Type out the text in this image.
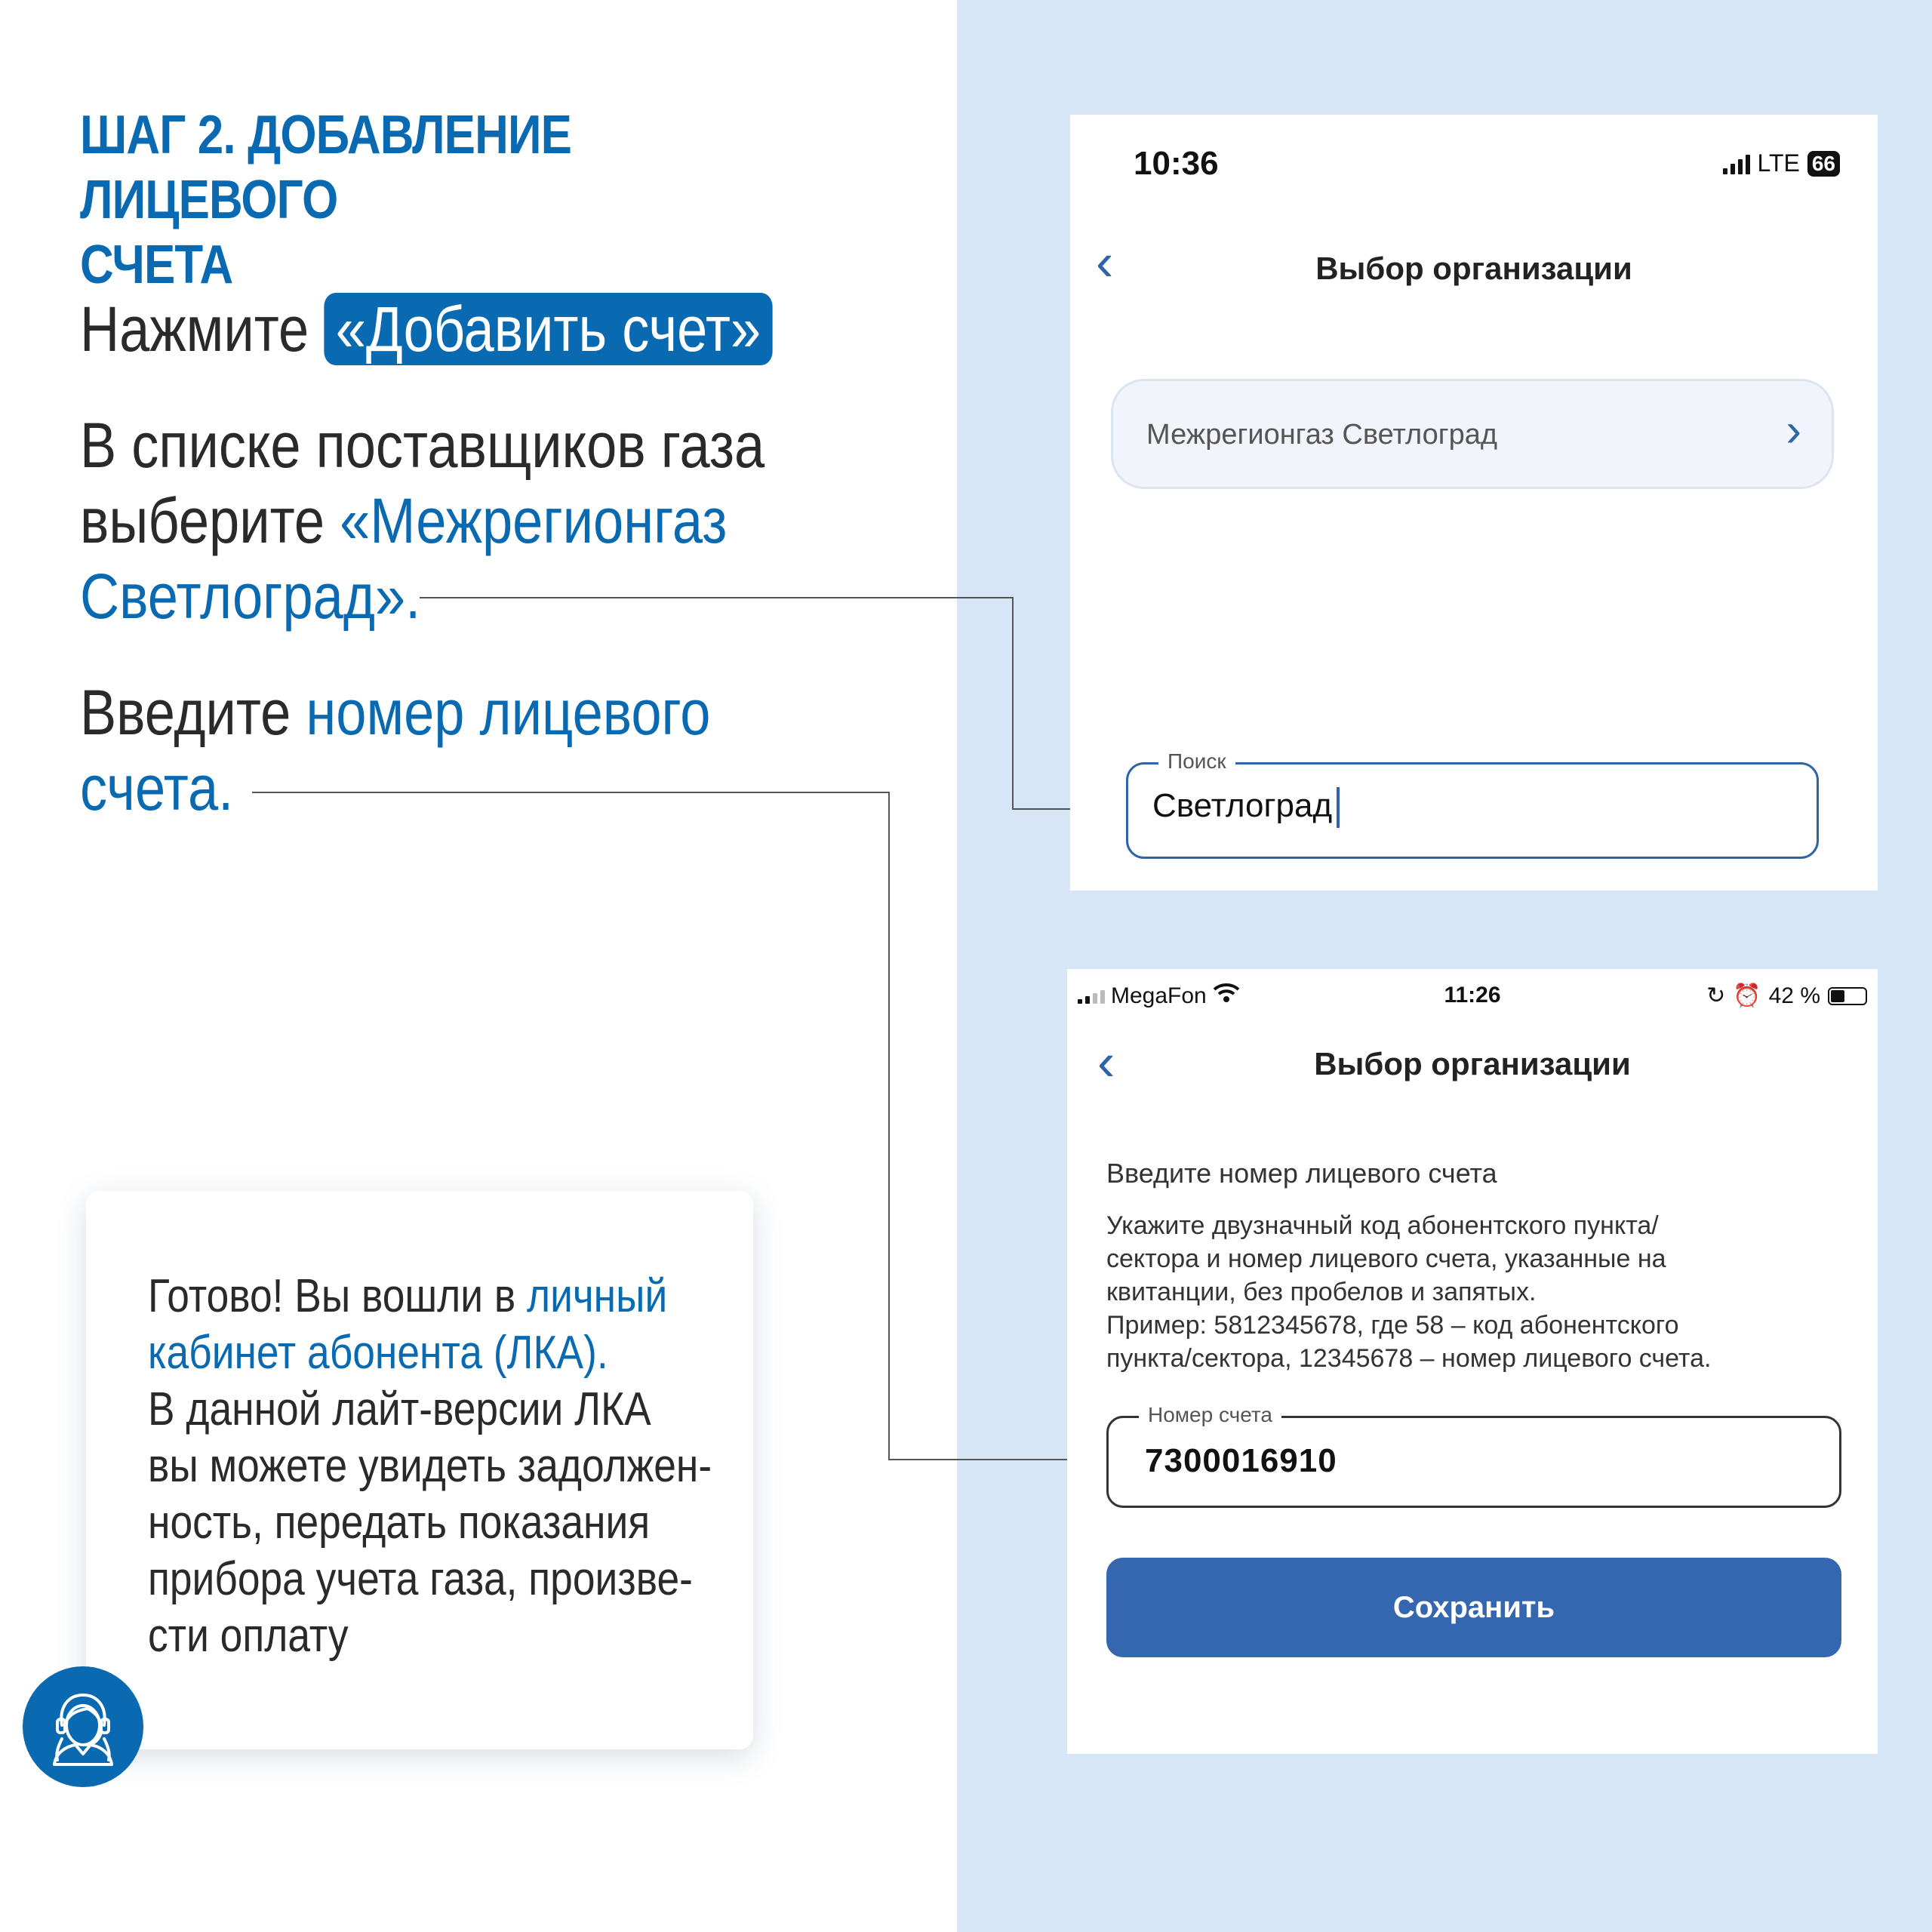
ШАГ 2. ДОБАВЛЕНИЕ ЛИЦЕВОГО
СЧЕТА
Нажмите «Добавить счет»
В списке поставщиков газа
выберите «Межрегионгаз
Светлоград».
Введите номер лицевого
счета.
Готово! Вы вошли в личный
кабинет абонента (ЛКА).
В данной лайт-версии ЛКА
вы можете увидеть задолжен-
ность, передать показания
прибора учета газа, произве-
сти оплату
10:36	LTE 66
‹	Выбор организации
Межрегионгаз Светлоград	›
Поиск
Светлоград
MegaFon	11:26	↻ ⏰ 42 %
‹	Выбор организации
Введите номер лицевого счета
Укажите двузначный код абонентского пункта/
сектора и номер лицевого счета, указанные на
квитанции, без пробелов и запятых.
Пример: 5812345678, где 58 – код абонентского
пункта/сектора, 12345678 – номер лицевого счета.
Номер счета
7300016910
Сохранить
